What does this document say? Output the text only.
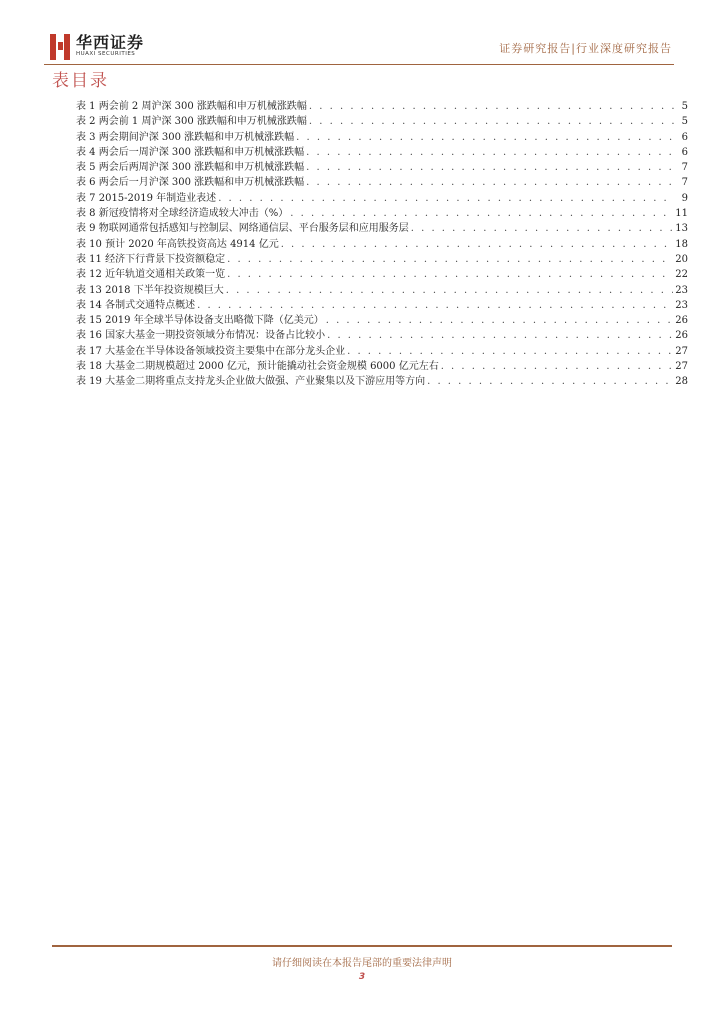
华西证券
HUAXI SECURITIES	证券研究报告|行业深度研究报告
表目录
表 1 两会前 2 周沪深 300 涨跌幅和申万机械涨跌幅 . . .	5
表 2 两会前 1 周沪深 300 涨跌幅和申万机械涨跌幅 . . .	5
表 3 两会期间沪深 300 涨跌幅和申万机械涨跌幅 . . .	6
表 4 两会后一周沪深 300 涨跌幅和申万机械涨跌幅 . . .	6
表 5 两会后两周沪深 300 涨跌幅和申万机械涨跌幅 . . .	7
表 6 两会后一月沪深 300 涨跌幅和申万机械涨跌幅 . . .	7
表 7 2015-2019 年制造业表述 . . .	9
表 8 新冠疫情将对全球经济造成较大冲击（%） . . .	11
表 9 物联网通常包括感知与控制层、网络通信层、平台服务层和应用服务层 . . .	13
表 10 预计 2020 年高铁投资高达 4914 亿元 . . .	18
表 11 经济下行背景下投资额稳定 . . .	20
表 12 近年轨道交通相关政策一览 . . .	22
表 13 2018 下半年投资规模巨大 . . .	23
表 14 各制式交通特点概述 . . .	23
表 15 2019 年全球半导体设备支出略微下降（亿美元） . . .	26
表 16 国家大基金一期投资领域分布情况：设备占比较小 . . .	26
表 17 大基金在半导体设备领域投资主要集中在部分龙头企业 . . .	27
表 18 大基金二期规模超过 2000 亿元，预计能撬动社会资金规模 6000 亿元左右 . . .	27
表 19 大基金二期将重点支持龙头企业做大做强、产业聚集以及下游应用等方向 . . .	28
请仔细阅读在本报告尾部的重要法律声明
3
